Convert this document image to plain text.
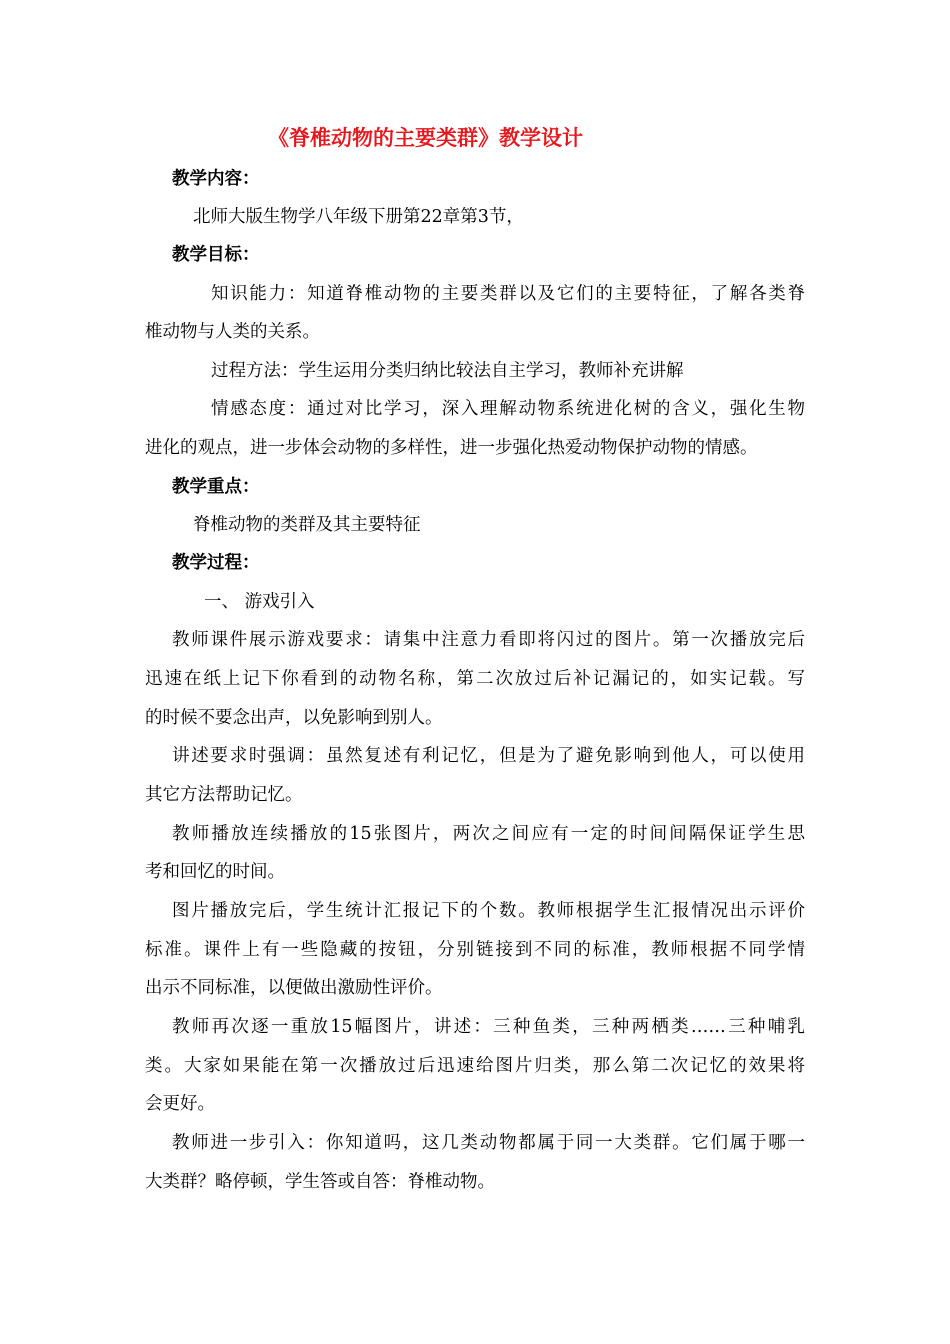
《脊椎动物的主要类群》教学设计
教学内容：
北师大版生物学八年级下册第22章第3节，
教学目标：
知识能力：知道脊椎动物的主要类群以及它们的主要特征，了解各类脊
椎动物与人类的关系。
过程方法：学生运用分类归纳比较法自主学习，教师补充讲解
情感态度：通过对比学习，深入理解动物系统进化树的含义，强化生物
进化的观点，进一步体会动物的多样性，进一步强化热爱动物保护动物的情感。
教学重点：
脊椎动物的类群及其主要特征
教学过程：
一、 游戏引入
教师课件展示游戏要求：请集中注意力看即将闪过的图片。第一次播放完后
迅速在纸上记下你看到的动物名称，第二次放过后补记漏记的，如实记载。写
的时候不要念出声，以免影响到别人。
讲述要求时强调：虽然复述有利记忆，但是为了避免影响到他人，可以使用
其它方法帮助记忆。
教师播放连续播放的15张图片，两次之间应有一定的时间间隔保证学生思
考和回忆的时间。
图片播放完后，学生统计汇报记下的个数。教师根据学生汇报情况出示评价
标准。课件上有一些隐藏的按钮，分别链接到不同的标准，教师根据不同学情
出示不同标准，以便做出激励性评价。
教师再次逐一重放15幅图片，讲述：三种鱼类，三种两栖类……三种哺乳
类。大家如果能在第一次播放过后迅速给图片归类，那么第二次记忆的效果将
会更好。
教师进一步引入：你知道吗，这几类动物都属于同一大类群。它们属于哪一
大类群？略停顿，学生答或自答：脊椎动物。
